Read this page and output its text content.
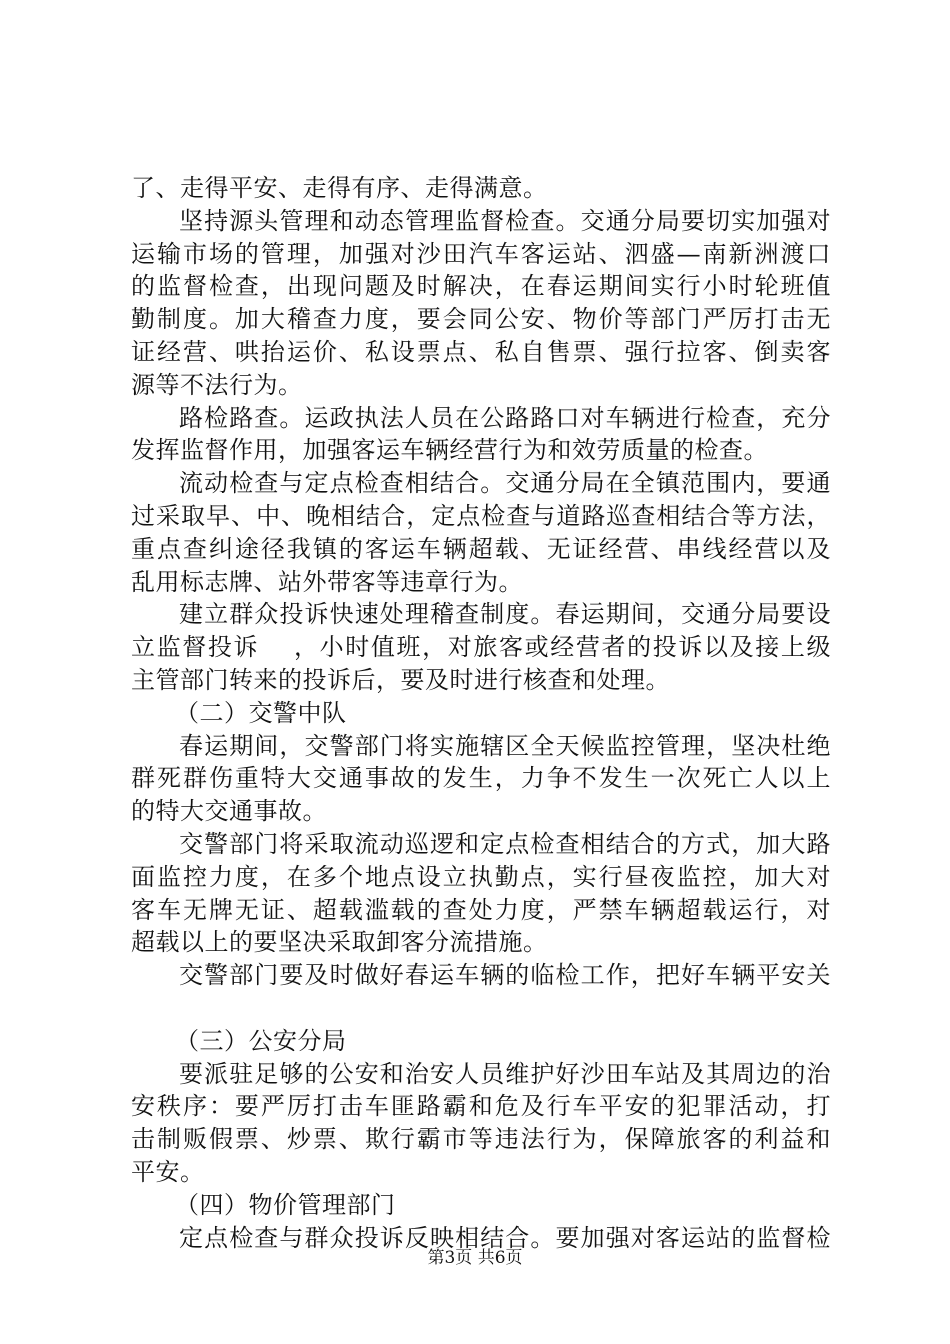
了、走得平安、走得有序、走得满意。
坚持源头管理和动态管理监督检查。交通分局要切实加强对
运输市场的管理，加强对沙田汽车客运站、泗盛—南新洲渡口
的监督检查，出现问题及时解决，在春运期间实行小时轮班值
勤制度。加大稽查力度，要会同公安、物价等部门严厉打击无
证经营、哄抬运价、私设票点、私自售票、强行拉客、倒卖客
源等不法行为。
路检路查。运政执法人员在公路路口对车辆进行检查，充分
发挥监督作用，加强客运车辆经营行为和效劳质量的检查。
流动检查与定点检查相结合。交通分局在全镇范围内，要通
过采取早、中、晚相结合，定点检查与道路巡查相结合等方法，
重点查纠途径我镇的客运车辆超载、无证经营、串线经营以及
乱用标志牌、站外带客等违章行为。
建立群众投诉快速处理稽查制度。春运期间，交通分局要设
立监督投诉　 ，小时值班，对旅客或经营者的投诉以及接上级
主管部门转来的投诉后，要及时进行核查和处理。
（二）交警中队
春运期间，交警部门将实施辖区全天候监控管理，坚决杜绝
群死群伤重特大交通事故的发生，力争不发生一次死亡人以上
的特大交通事故。
交警部门将采取流动巡逻和定点检查相结合的方式，加大路
面监控力度，在多个地点设立执勤点，实行昼夜监控，加大对
客车无牌无证、超载滥载的查处力度，严禁车辆超载运行，对
超载以上的要坚决采取卸客分流措施。
交警部门要及时做好春运车辆的临检工作，把好车辆平安关
（三）公安分局
要派驻足够的公安和治安人员维护好沙田车站及其周边的治
安秩序：要严厉打击车匪路霸和危及行车平安的犯罪活动，打
击制贩假票、炒票、欺行霸市等违法行为，保障旅客的利益和
平安。
（四）物价管理部门
定点检查与群众投诉反映相结合。要加强对客运站的监督检
第3页 共6页
